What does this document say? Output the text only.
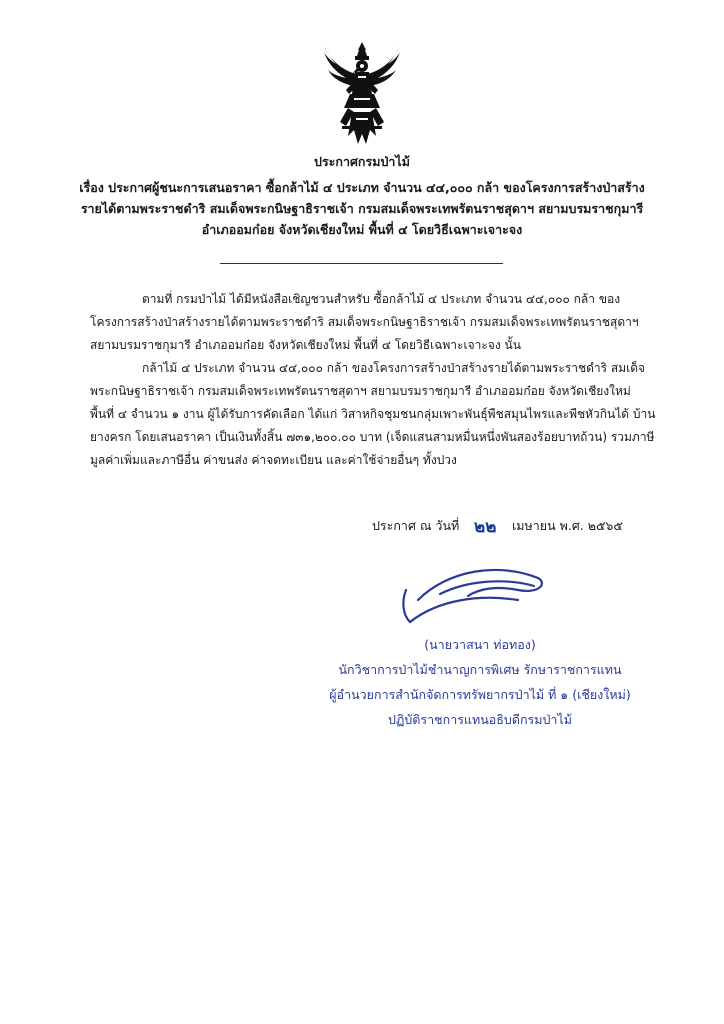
ประกาศกรมป่าไม้
เรื่อง ประกาศผู้ชนะการเสนอราคา ซื้อกล้าไม้ ๔ ประเภท จำนวน ๔๔,๐๐๐ กล้า ของโครงการสร้างป่าสร้างรายได้ตามพระราชดำริ สมเด็จพระกนิษฐาธิราชเจ้า กรมสมเด็จพระเทพรัตนราชสุดาฯ สยามบรมราชกุมารี อำเภออมก๋อย จังหวัดเชียงใหม่ พื้นที่ ๔ โดยวิธีเฉพาะเจาะจง

ตามที่ กรมป่าไม้ ได้มีหนังสือเชิญชวนสำหรับ ซื้อกล้าไม้ ๔ ประเภท จำนวน ๔๔,๐๐๐ กล้า ของโครงการสร้างป่าสร้างรายได้ตามพระราชดำริ สมเด็จพระกนิษฐาธิราชเจ้า กรมสมเด็จพระเทพรัตนราชสุดาฯ สยามบรมราชกุมารี อำเภออมก๋อย จังหวัดเชียงใหม่ พื้นที่ ๔ โดยวิธีเฉพาะเจาะจง นั้น

กล้าไม้ ๔ ประเภท จำนวน ๔๔,๐๐๐ กล้า ของโครงการสร้างป่าสร้างรายได้ตามพระราชดำริ สมเด็จพระกนิษฐาธิราชเจ้า กรมสมเด็จพระเทพรัตนราชสุดาฯ สยามบรมราชกุมารี อำเภออมก๋อย จังหวัดเชียงใหม่ พื้นที่ ๔ จำนวน ๑ งาน ผู้ได้รับการคัดเลือก ได้แก่ วิสาหกิจชุมชนกลุ่มเพาะพันธุ์พืชสมุนไพรและพืชหัวกินได้ บ้านยางครก โดยเสนอราคา เป็นเงินทั้งสิ้น ๗๓๑,๒๐๐.๐๐ บาท (เจ็ดแสนสามหมื่นหนึ่งพันสองร้อยบาทถ้วน) รวมภาษีมูลค่าเพิ่มและภาษีอื่น ค่าขนส่ง ค่าจดทะเบียน และค่าใช้จ่ายอื่นๆ ทั้งปวง

ประกาศ ณ วันที่ ๒๒ เมษายน พ.ศ. ๒๕๖๕
(นายวาสนา ท่อทอง)
นักวิชาการป่าไม้ชำนาญการพิเศษ รักษาราชการแทน
ผู้อำนวยการสำนักจัดการทรัพยากรป่าไม้ ที่ ๑ (เชียงใหม่)
ปฏิบัติราชการแทนอธิบดีกรมป่าไม้
